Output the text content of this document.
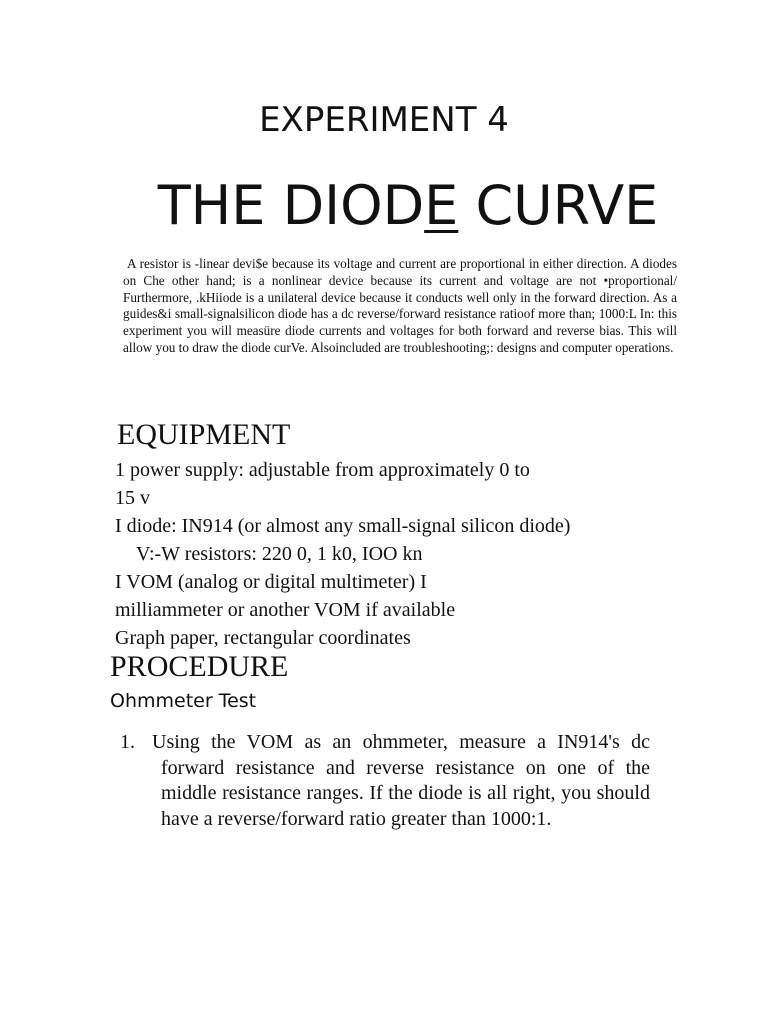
EXPERIMENT 4
THE DIODE CURVE

A resistor is -linear devi$e because its voltage and current are proportional in either direction. A diodes on Che other hand; is a nonlinear device because its current and voltage are not •proportional/ Furthermore, .kHiiode is a unilateral device because it conducts well only in the forward direction. As a guides&i small-signalsilicon diode has a dc reverse/forward resistance ratioof more than; 1000:L In: this experiment you will measüre diode currents and voltages for both forward and reverse bias. This will allow you to draw the diode curVe. Alsoincluded are troubleshooting;: designs and computer operations.

EQUIPMENT
1 power supply: adjustable from approximately 0 to
15 v
I diode: IN914 (or almost any small-signal silicon diode)
V:-W resistors: 220 0, 1 k0, IOO kn
I VOM (analog or digital multimeter) I
milliammeter or another VOM if available
Graph paper, rectangular coordinates
PROCEDURE
Ohmmeter Test
1. Using the VOM as an ohmmeter, measure a IN914's dc forward resistance and reverse resistance on one of the middle resistance ranges. If the diode is all right, you should have a reverse/forward ratio greater than 1000:1.
